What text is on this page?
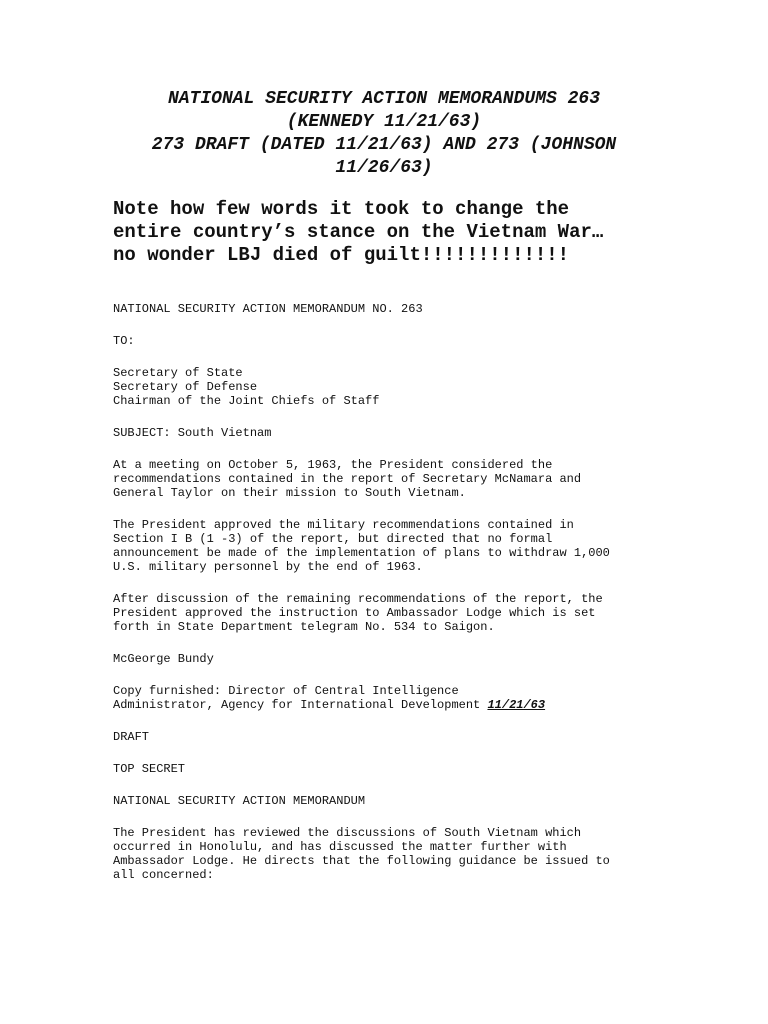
NATIONAL SECURITY ACTION MEMORANDUMS 263
(KENNEDY 11/21/63)
273 DRAFT (DATED 11/21/63) AND 273 (JOHNSON
11/26/63)
Note how few words it took to change the
entire country’s stance on the Vietnam War…
no wonder LBJ died of guilt!!!!!!!!!!!!!

NATIONAL SECURITY ACTION MEMORANDUM NO. 263

TO:

Secretary of State
Secretary of Defense
Chairman of the Joint Chiefs of Staff

SUBJECT: South Vietnam

At a meeting on October 5, 1963, the President considered the
recommendations contained in the report of Secretary McNamara and
General Taylor on their mission to South Vietnam.

The President approved the military recommendations contained in
Section I B (1 -3) of the report, but directed that no formal
announcement be made of the implementation of plans to withdraw 1,000
U.S. military personnel by the end of 1963.

After discussion of the remaining recommendations of the report, the
President approved the instruction to Ambassador Lodge which is set
forth in State Department telegram No. 534 to Saigon.

McGeorge Bundy

Copy furnished: Director of Central Intelligence
Administrator, Agency for International Development 11/21/63

DRAFT

TOP SECRET

NATIONAL SECURITY ACTION MEMORANDUM

The President has reviewed the discussions of South Vietnam which
occurred in Honolulu, and has discussed the matter further with
Ambassador Lodge. He directs that the following guidance be issued to
all concerned:
